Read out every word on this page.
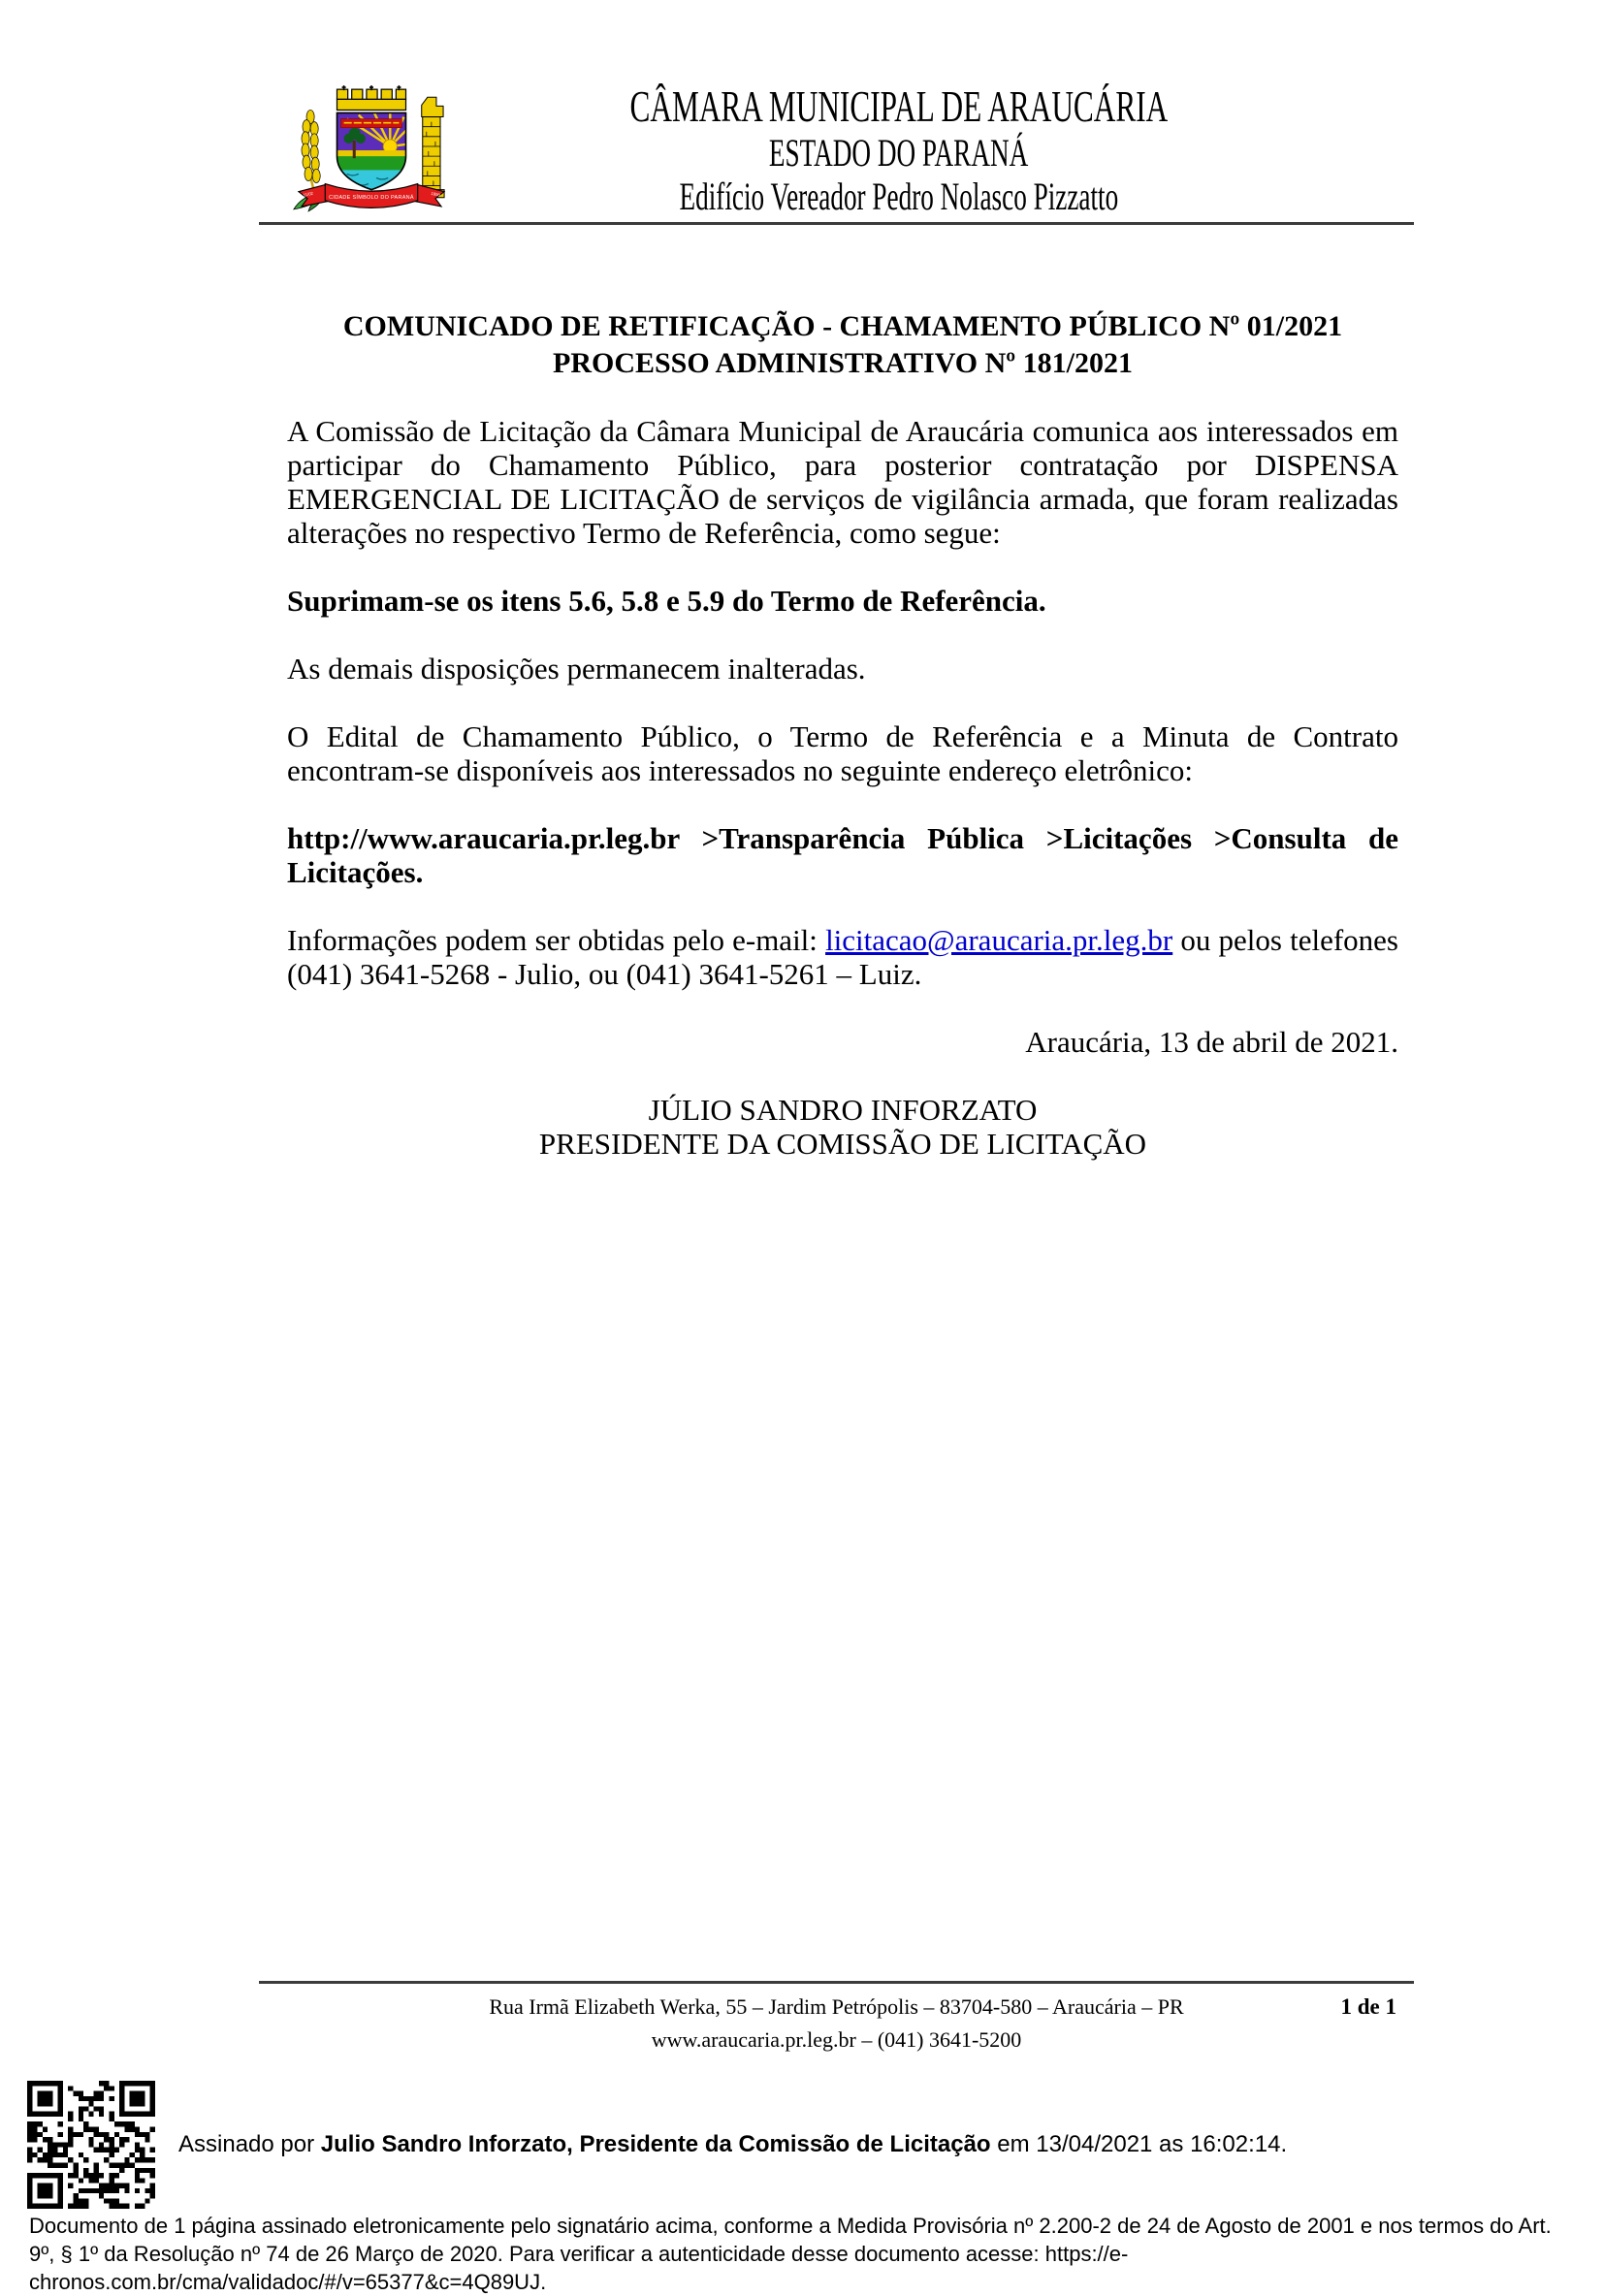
CIDADE SÍMBOLO DO PARANÁ
11/02	1890
CÂMARA MUNICIPAL DE ARAUCÁRIA
ESTADO DO PARANÁ
Edifício Vereador Pedro Nolasco Pizzatto
COMUNICADO DE RETIFICAÇÃO - CHAMAMENTO PÚBLICO Nº 01/2021
PROCESSO ADMINISTRATIVO Nº 181/2021

A Comissão de Licitação da Câmara Municipal de Araucária comunica aos interessados em participar do Chamamento Público, para posterior contratação por DISPENSA EMERGENCIAL DE LICITAÇÃO de serviços de vigilância armada, que foram realizadas alterações no respectivo Termo de Referência, como segue:

Suprimam-se os itens 5.6, 5.8 e 5.9 do Termo de Referência.

As demais disposições permanecem inalteradas.

O Edital de Chamamento Público, o Termo de Referência e a Minuta de Contrato encontram-se disponíveis aos interessados no seguinte endereço eletrônico:

http://www.araucaria.pr.leg.br >Transparência Pública >Licitações >Consulta de Licitações.

Informações podem ser obtidas pelo e-mail: licitacao@araucaria.pr.leg.br ou pelos telefones (041) 3641-5268 - Julio, ou (041) 3641-5261 – Luiz.

Araucária, 13 de abril de 2021.

JÚLIO SANDRO INFORZATO
PRESIDENTE DA COMISSÃO DE LICITAÇÃO
Rua Irmã Elizabeth Werka, 55 – Jardim Petrópolis – 83704-580 – Araucária – PR	1 de 1
www.araucaria.pr.leg.br – (041) 3641-5200
Assinado por Julio Sandro Inforzato, Presidente da Comissão de Licitação em 13/04/2021 as 16:02:14.
Documento de 1 página assinado eletronicamente pelo signatário acima, conforme a Medida Provisória nº 2.200-2 de 24 de Agosto de 2001 e nos termos do Art. 9º, § 1º da Resolução nº 74 de 26 Março de 2020. Para verificar a autenticidade desse documento acesse: https://e-chronos.com.br/cma/validadoc/#/v=65377&c=4Q89UJ.
